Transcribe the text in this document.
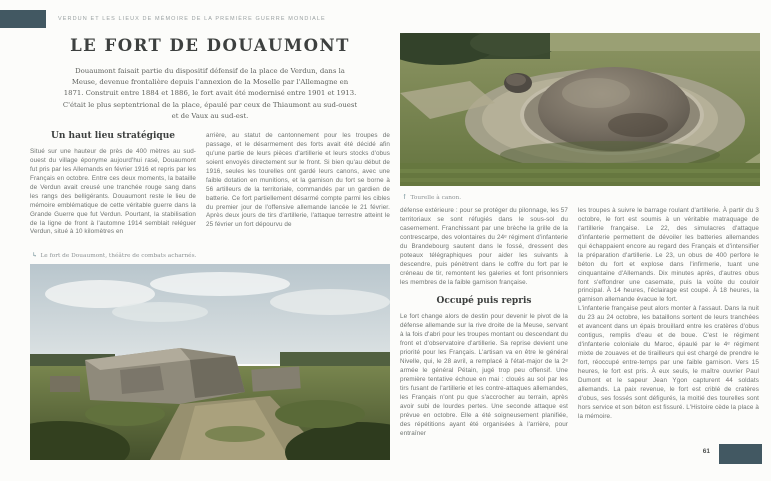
VERDUN ET LES LIEUX DE MÉMOIRE DE LA PREMIÈRE GUERRE MONDIALE
LE FORT DE DOUAUMONT

Douaumont faisait partie du dispositif défensif de la place de Verdun, dans la Meuse, devenue frontalière depuis l'annexion de la Moselle par l'Allemagne en 1871. Construit entre 1884 et 1886, le fort avait été modernisé entre 1901 et 1913. C'était le plus septentrional de la place, épaulé par ceux de Thiaumont au sud-ouest et de Vaux au sud-est.

Un haut lieu stratégique

Situé sur une hauteur de près de 400 mètres au sud-ouest du village éponyme aujourd'hui rasé, Douaumont fut pris par les Allemands en février 1916 et repris par les Français en octobre. Entre ces deux moments, la bataille de Verdun avait creusé une tranchée rouge sang dans les rangs des belligérants. Douaumont reste le lieu de mémoire emblématique de cette véritable guerre dans la Grande Guerre que fut Verdun. Pourtant, la stabilisation de la ligne de front à l'automne 1914 semblait reléguer Verdun, situé à 10 kilomètres en

arrière, au statut de cantonnement pour les troupes de passage, et le désarmement des forts avait été décidé afin qu'une partie de leurs pièces d'artillerie et leurs stocks d'obus soient envoyés directement sur le front. Si bien qu'au début de 1916, seules les tourelles ont gardé leurs canons, avec une faible dotation en munitions, et la garnison du fort se borne à 56 artilleurs de la territoriale, commandés par un gardien de batterie. Ce fort partiellement désarmé compte parmi les cibles du premier jour de l'offensive allemande lancée le 21 février. Après deux jours de tirs d'artillerie, l'attaque terrestre atteint le 25 février un fort dépourvu de

↳ Le fort de Douaumont, théâtre de combats acharnés.

↑ Tourelle à canon.

défense extérieure : pour se protéger du pilonnage, les 57 territoriaux se sont réfugiés dans le sous-sol du casernement. Franchissant par une brèche la grille de la contrescarpe, des volontaires du 24ᵉ régiment d'infanterie du Brandebourg sautent dans le fossé, dressent des poteaux télégraphiques pour aider les suivants à descendre, puis pénètrent dans le coffre du fort par le créneau de tir, remontent les galeries et font prisonniers les membres de la faible garnison française.

Occupé puis repris

Le fort change alors de destin pour devenir le pivot de la défense allemande sur la rive droite de la Meuse, servant à la fois d'abri pour les troupes montant ou descendant du front et d'observatoire d'artillerie. Sa reprise devient une priorité pour les Français. L'artisan va en être le général Nivelle, qui, le 28 avril, a remplacé à l'état-major de la 2ᵉ armée le général Pétain, jugé trop peu offensif. Une première tentative échoue en mai : cloués au sol par les tirs fusant de l'artillerie et les contre-attaques allemandes, les Français n'ont pu que s'accrocher au terrain, après avoir subi de lourdes pertes. Une seconde attaque est prévue en octobre. Elle a été soigneusement planifiée, des répétitions ayant été organisées à l'arrière, pour entraîner

les troupes à suivre le barrage roulant d'artillerie. À partir du 3 octobre, le fort est soumis à un véritable matraquage de l'artillerie française. Le 22, des simulacres d'attaque d'infanterie permettent de dévoiler les batteries allemandes qui échappaient encore au regard des Français et d'intensifier la préparation d'artillerie. Le 23, un obus de 400 perfore le béton du fort et explose dans l'infirmerie, tuant une cinquantaine d'Allemands. Dix minutes après, d'autres obus font s'effondrer une casemate, puis la voûte du couloir principal. À 14 heures, l'éclairage est coupé. À 18 heures, la garnison allemande évacue le fort.

L'infanterie française peut alors monter à l'assaut. Dans la nuit du 23 au 24 octobre, les bataillons sortent de leurs tranchées et avancent dans un épais brouillard entre les cratères d'obus contigus, remplis d'eau et de boue. C'est le régiment d'infanterie coloniale du Maroc, épaulé par le 4ᵉ régiment mixte de zouaves et de tirailleurs qui est chargé de prendre le fort, réoccupé entre-temps par une faible garnison. Vers 15 heures, le fort est pris. À eux seuls, le maître ouvrier Paul Dumont et le sapeur Jean Ygon capturent 44 soldats allemands. La paix revenue, le fort est criblé de cratères d'obus, ses fossés sont défigurés, la moitié des tourelles sont hors service et son béton est fissuré. L'Histoire cède la place à la mémoire.

61
